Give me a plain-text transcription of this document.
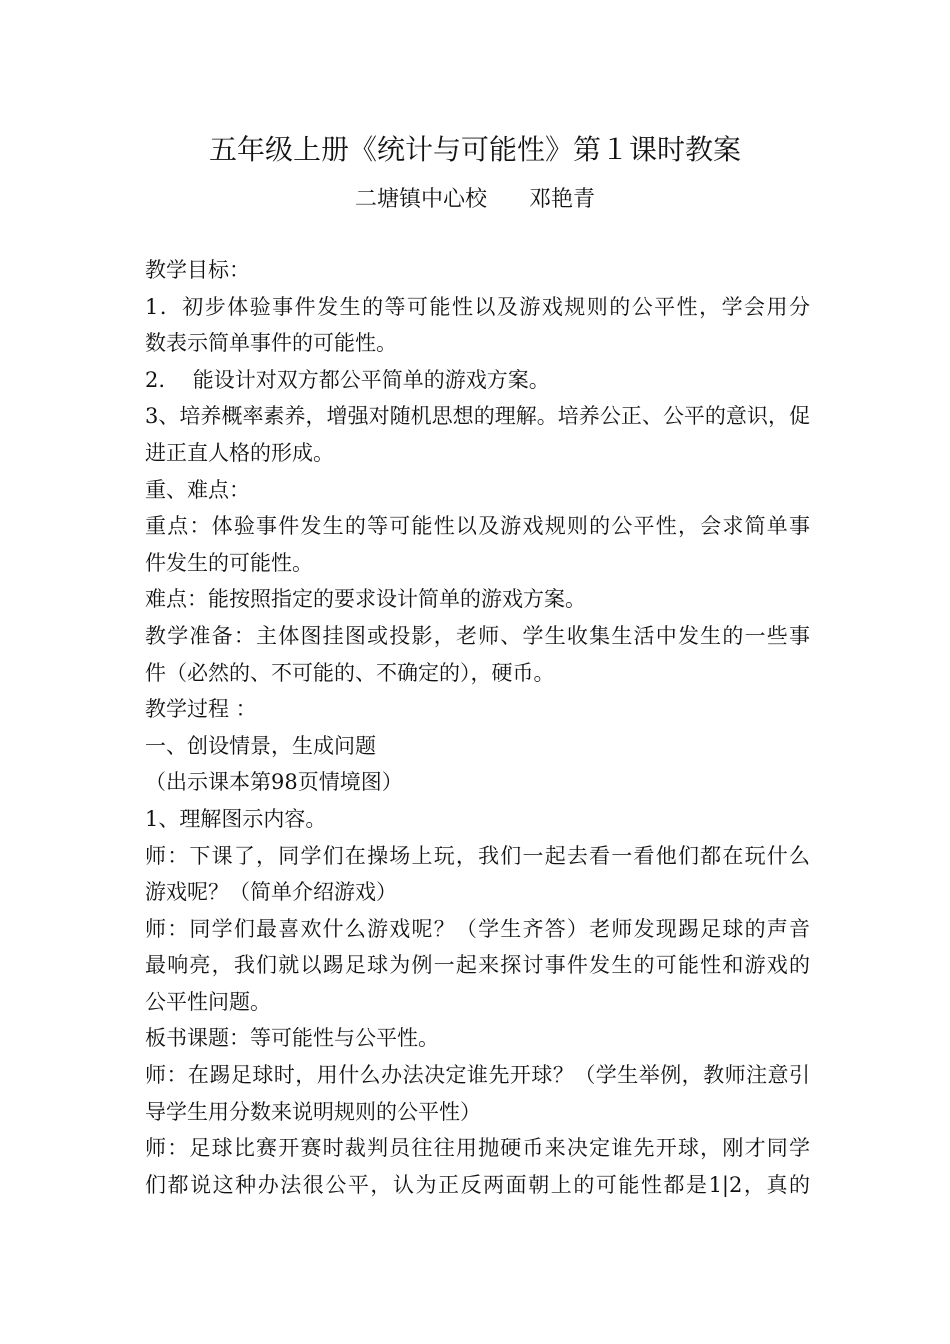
五年级上册《统计与可能性》第１课时教案
二塘镇中心校      邓艳青
教学目标：
1．初步体验事件发生的等可能性以及游戏规则的公平性，学会用分
数表示简单事件的可能性。
2.　 能设计对双方都公平简单的游戏方案。
3、培养概率素养，增强对随机思想的理解。培养公正、公平的意识，促
进正直人格的形成。
重、难点：
重点：体验事件发生的等可能性以及游戏规则的公平性，会求简单事
件发生的可能性。
难点：能按照指定的要求设计简单的游戏方案。
教学准备：主体图挂图或投影，老师、学生收集生活中发生的一些事
件（必然的、不可能的、不确定的），硬币。
教学过程 ：
一、创设情景，生成问题
（出示课本第98页情境图）
1、理解图示内容。
师：下课了，同学们在操场上玩，我们一起去看一看他们都在玩什么
游戏呢？（简单介绍游戏）
师：同学们最喜欢什么游戏呢？（学生齐答）老师发现踢足球的声音
最响亮，我们就以踢足球为例一起来探讨事件发生的可能性和游戏的
公平性问题。
板书课题：等可能性与公平性。
师：在踢足球时，用什么办法决定谁先开球？（学生举例，教师注意引
导学生用分数来说明规则的公平性）
师：足球比赛开赛时裁判员往往用抛硬币来决定谁先开球，刚才同学
们都说这种办法很公平，认为正反两面朝上的可能性都是1|2，真的
